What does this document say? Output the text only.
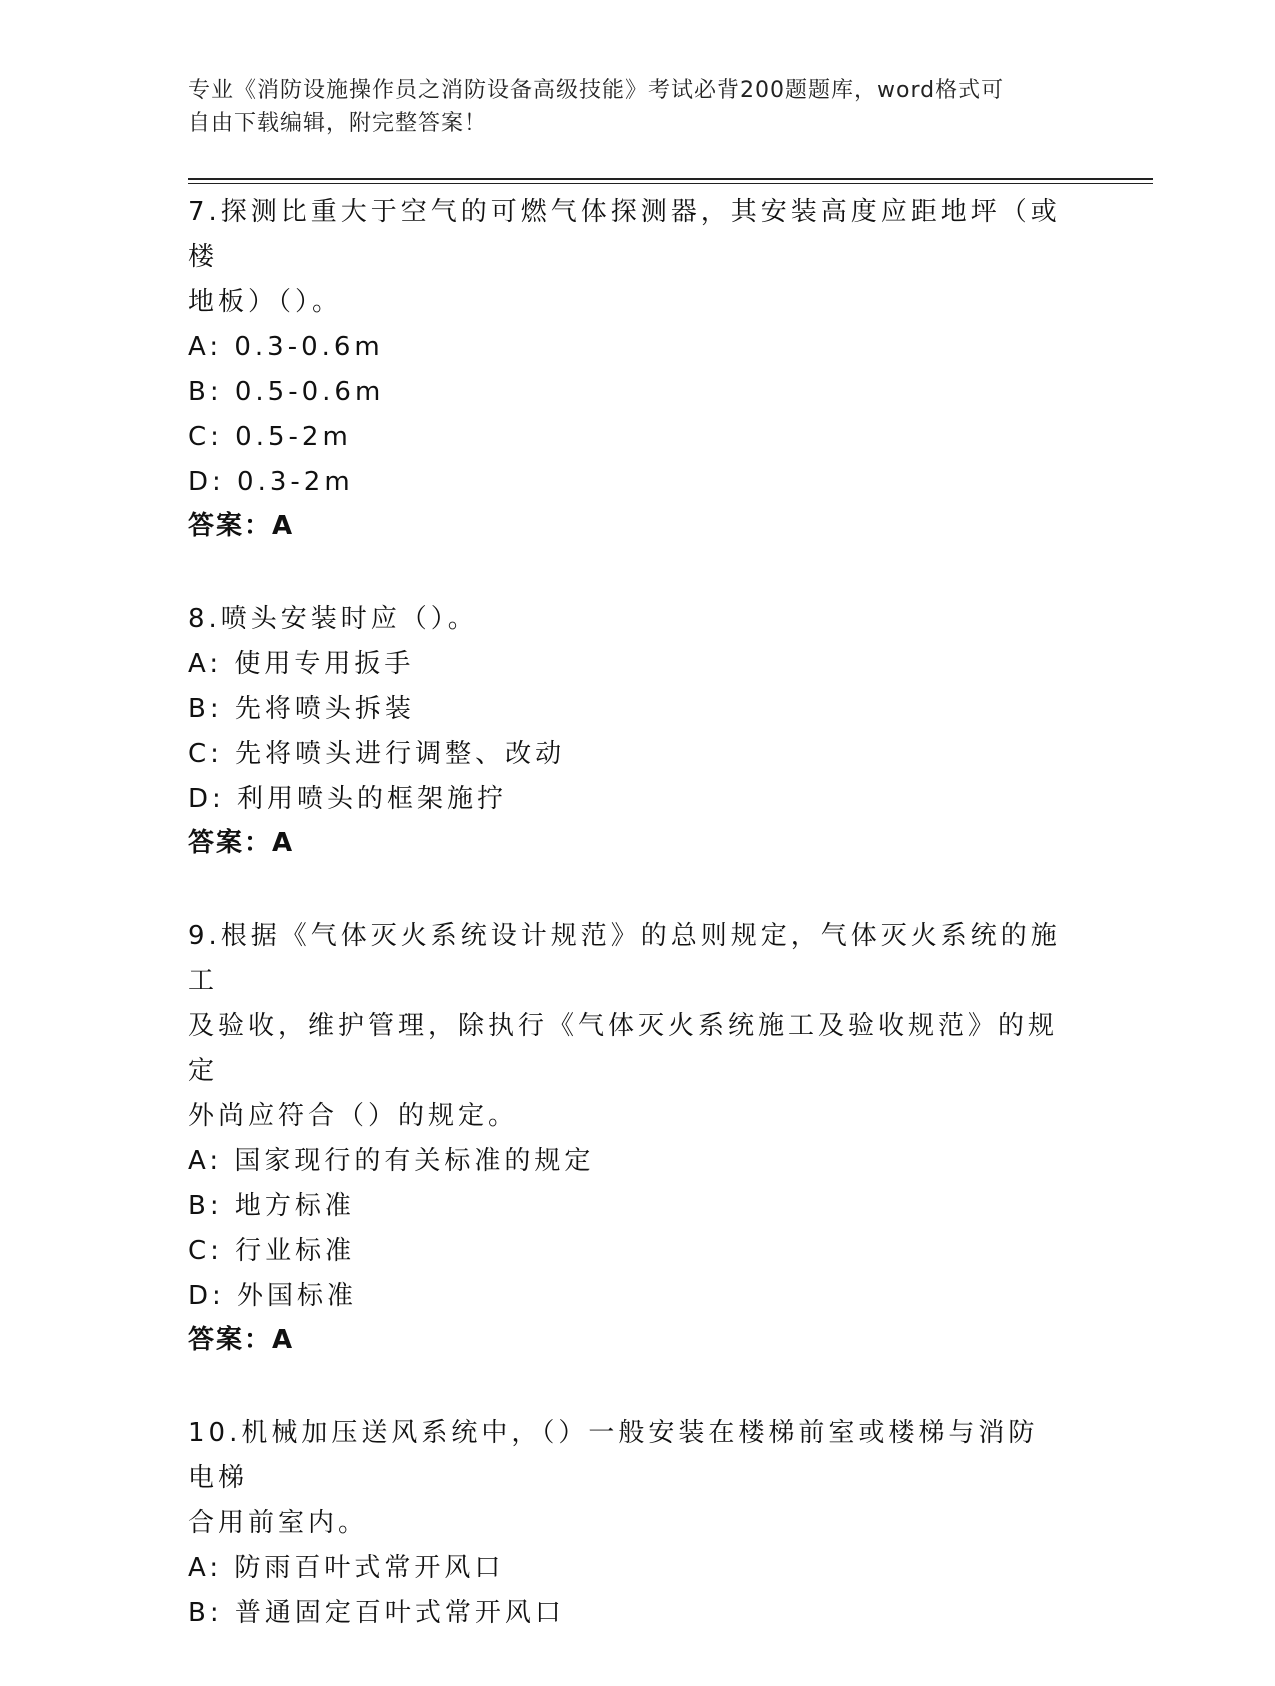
专业《消防设施操作员之消防设备高级技能》考试必背200题题库，word格式可
自由下载编辑，附完整答案！
7.探测比重大于空气的可燃气体探测器，其安装高度应距地坪（或楼
地板）（）。
A: 0.3-0.6m
B: 0.5-0.6m
C: 0.5-2m
D: 0.3-2m
答案：A
8.喷头安装时应（）。
A: 使用专用扳手
B: 先将喷头拆装
C: 先将喷头进行调整、改动
D: 利用喷头的框架施拧
答案：A
9.根据《气体灭火系统设计规范》的总则规定，气体灭火系统的施工
及验收，维护管理，除执行《气体灭火系统施工及验收规范》的规定
外尚应符合（）的规定。
A: 国家现行的有关标准的规定
B: 地方标准
C: 行业标准
D: 外国标准
答案：A
10.机械加压送风系统中，（）一般安装在楼梯前室或楼梯与消防电梯
合用前室内。
A: 防雨百叶式常开风口
B: 普通固定百叶式常开风口
